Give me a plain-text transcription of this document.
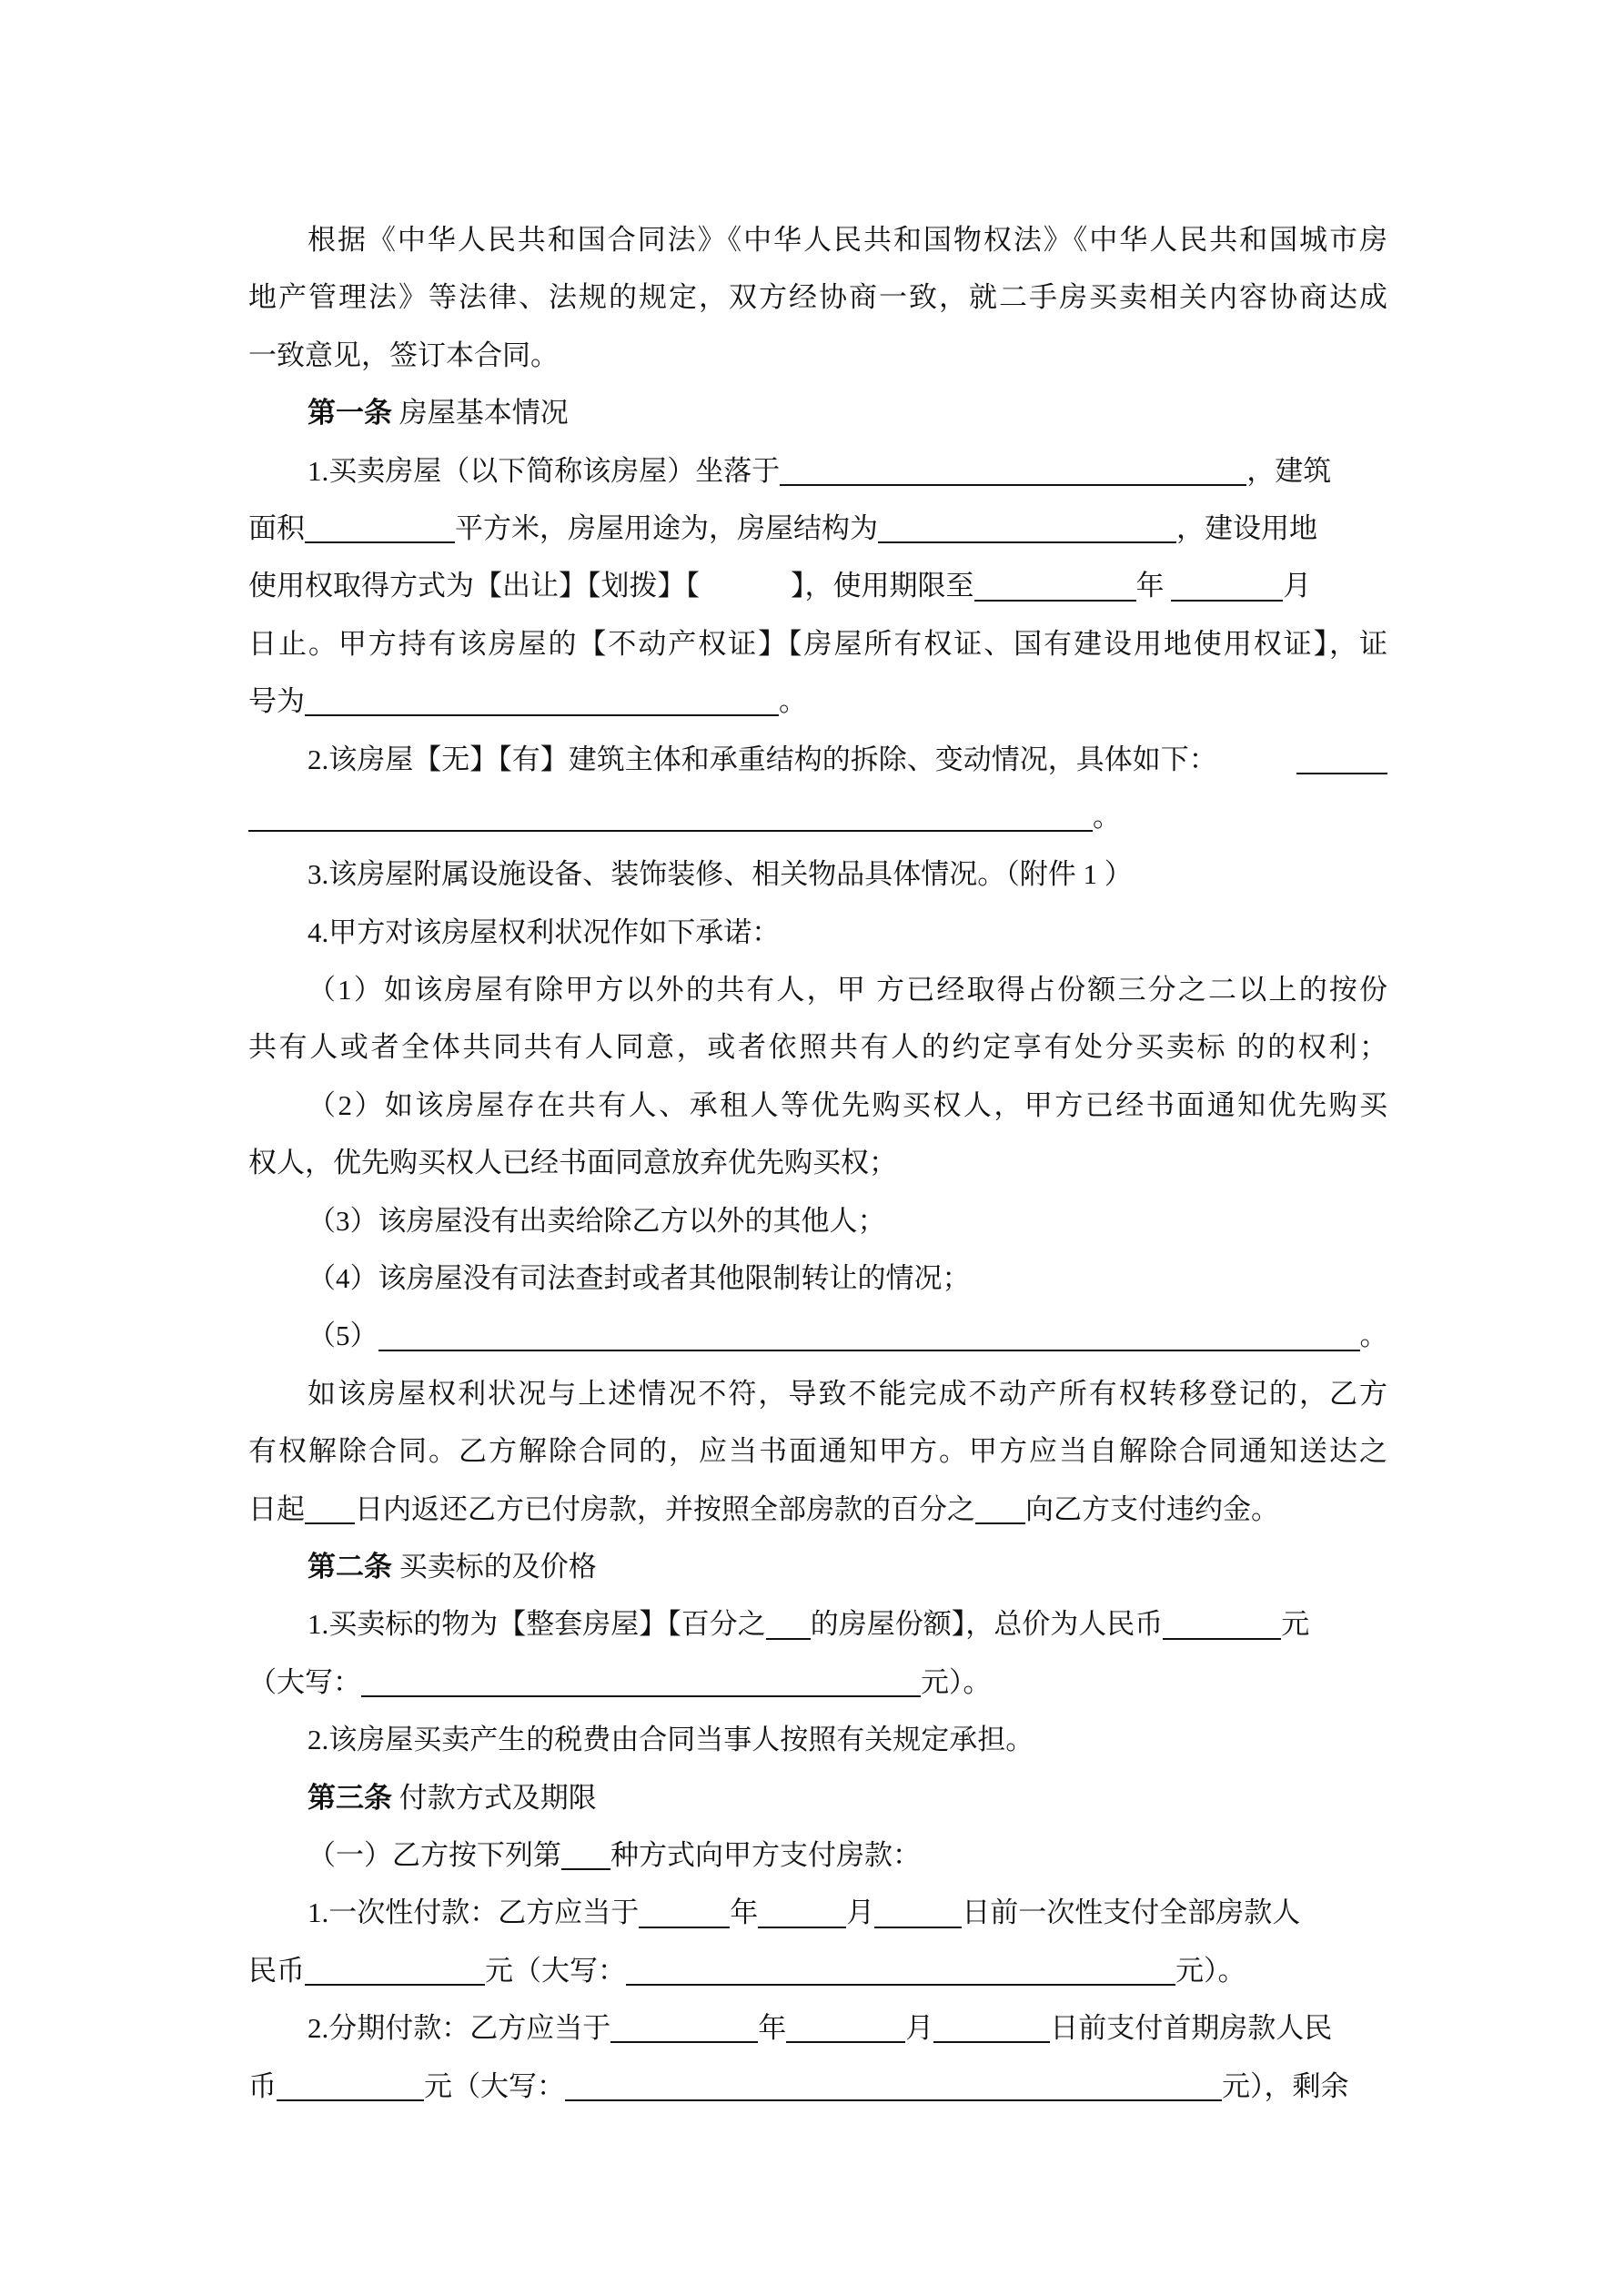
根据《中华人民共和国合同法》《中华人民共和国物权法》《中华人民共和国城市房
地产管理法》等法律、法规的规定，双方经协商一致，就二手房买卖相关内容协商达成
一致意见，签订本合同。
第一条 房屋基本情况
1.买卖房屋（以下简称该房屋）坐落于	，建筑
面积	平方米，房屋用途为，房屋结构为	，建设用地
使用权取得方式为【出让】【划拨】【	】，使用期限至	年	月
日止。甲方持有该房屋的【不动产权证】【房屋所有权证、国有建设用地使用权证】，证
号为	。
2.该房屋【无】【有】建筑主体和承重结构的拆除、变动情况，具体如下：
。
3.该房屋附属设施设备、装饰装修、相关物品具体情况。（附件 1 ）
4.甲方对该房屋权利状况作如下承诺：
（1）如该房屋有除甲方以外的共有人，甲 方已经取得占份额三分之二以上的按份
共有人或者全体共同共有人同意，或者依照共有人的约定享有处分买卖标 的的权利；
（2）如该房屋存在共有人、承租人等优先购买权人，甲方已经书面通知优先购买
权人，优先购买权人已经书面同意放弃优先购买权；
（3）该房屋没有出卖给除乙方以外的其他人；
（4）该房屋没有司法查封或者其他限制转让的情况；
（5）	。
如该房屋权利状况与上述情况不符，导致不能完成不动产所有权转移登记的，乙方
有权解除合同。乙方解除合同的，应当书面通知甲方。甲方应当自解除合同通知送达之
日起 日内返还乙方已付房款，并按照全部房款的百分之 向乙方支付违约金。
第二条 买卖标的及价格
1.买卖标的物为【整套房屋】【百分之 的房屋份额】，总价为人民币	元
（大写：	元）。
2.该房屋买卖产生的税费由合同当事人按照有关规定承担。
第三条 付款方式及期限
（一）乙方按下列第 种方式向甲方支付房款：
1.一次性付款：乙方应当于	年	月	日前一次性支付全部房款人
民币	元（大写：	元）。
2.分期付款：乙方应当于	年	月	日前支付首期房款人民
币	元（大写：	元），剩余
